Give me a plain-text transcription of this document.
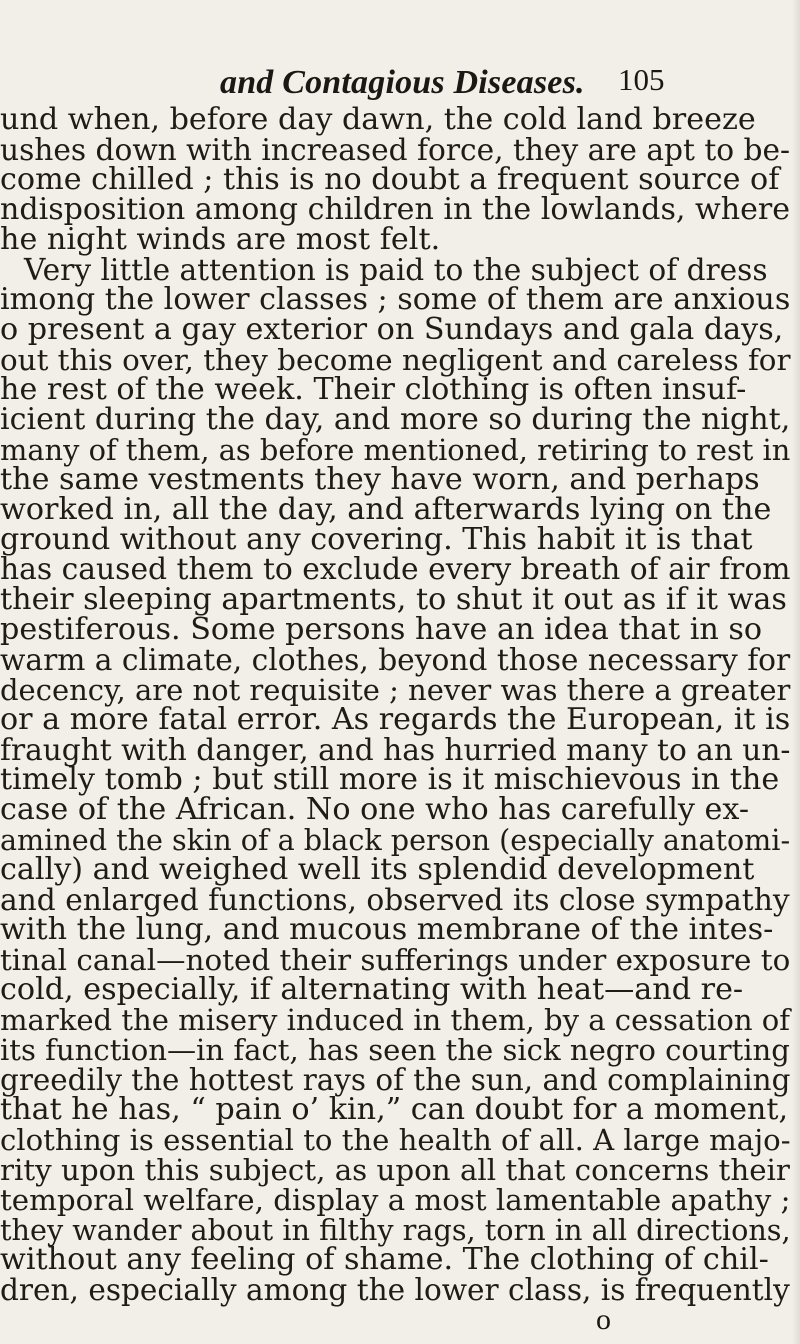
and Contagious Diseases. 105
und when, before day dawn, the cold land breeze
ushes down with increased force, they are apt to be-
come chilled ; this is no doubt a frequent source of
ndisposition among children in the lowlands, where
he night winds are most felt.
Very little attention is paid to the subject of dress
imong the lower classes ; some of them are anxious
o present a gay exterior on Sundays and gala days,
out this over, they become negligent and careless for
he rest of the week. Their clothing is often insuf-
icient during the day, and more so during the night,
many of them, as before mentioned, retiring to rest in
the same vestments they have worn, and perhaps
worked in, all the day, and afterwards lying on the
ground without any covering. This habit it is that
has caused them to exclude every breath of air from
their sleeping apartments, to shut it out as if it was
pestiferous. Some persons have an idea that in so
warm a climate, clothes, beyond those necessary for
decency, are not requisite ; never was there a greater
or a more fatal error. As regards the European, it is
fraught with danger, and has hurried many to an un-
timely tomb ; but still more is it mischievous in the
case of the African. No one who has carefully ex-
amined the skin of a black person (especially anatomi-
cally) and weighed well its splendid development
and enlarged functions, observed its close sympathy
with the lung, and mucous membrane of the intes-
tinal canal—noted their sufferings under exposure to
cold, especially, if alternating with heat—and re-
marked the misery induced in them, by a cessation of
its function—in fact, has seen the sick negro courting
greedily the hottest rays of the sun, and complaining
that he has, “ pain o’ kin,” can doubt for a moment,
clothing is essential to the health of all. A large majo-
rity upon this subject, as upon all that concerns their
temporal welfare, display a most lamentable apathy ;
they wander about in filthy rags, torn in all directions,
without any feeling of shame. The clothing of chil-
dren, especially among the lower class, is frequently
o
